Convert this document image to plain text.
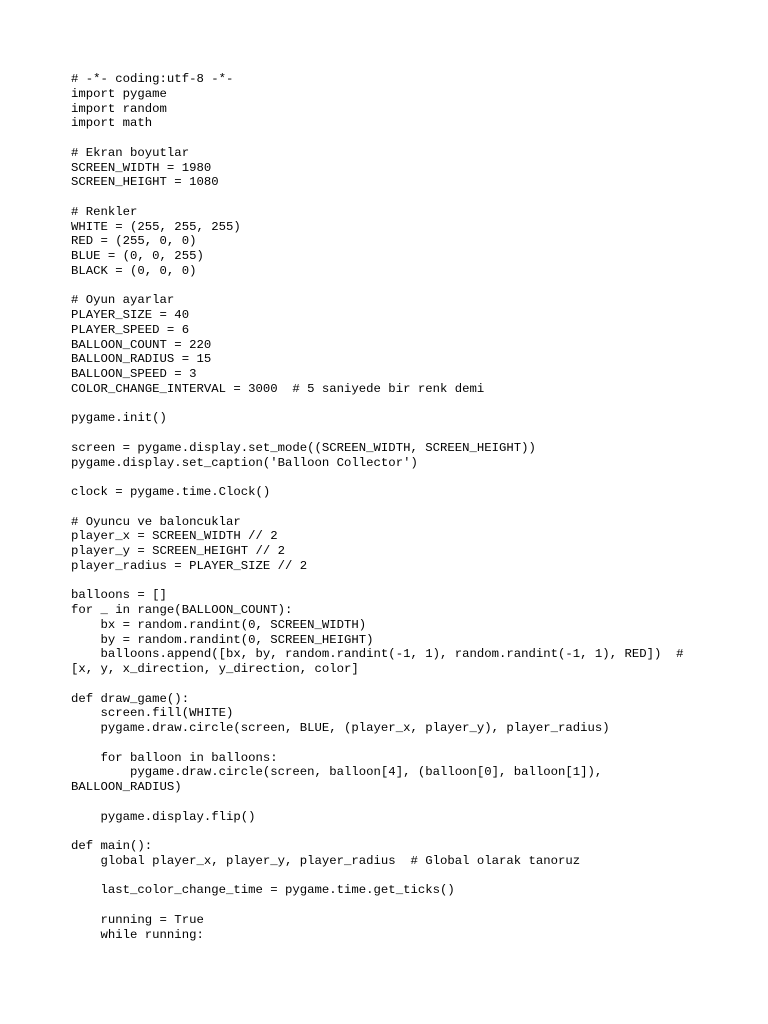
# -*- coding:utf-8 -*-
import pygame
import random
import math
# Ekran boyutlar
SCREEN_WIDTH = 1980
SCREEN_HEIGHT = 1080
# Renkler
WHITE = (255, 255, 255)
RED = (255, 0, 0)
BLUE = (0, 0, 255)
BLACK = (0, 0, 0)
# Oyun ayarlar
PLAYER_SIZE = 40
PLAYER_SPEED = 6
BALLOON_COUNT = 220
BALLOON_RADIUS = 15
BALLOON_SPEED = 3
COLOR_CHANGE_INTERVAL = 3000  # 5 saniyede bir renk demi
pygame.init()
screen = pygame.display.set_mode((SCREEN_WIDTH, SCREEN_HEIGHT))
pygame.display.set_caption('Balloon Collector')
clock = pygame.time.Clock()
# Oyuncu ve baloncuklar
player_x = SCREEN_WIDTH // 2
player_y = SCREEN_HEIGHT // 2
player_radius = PLAYER_SIZE // 2
balloons = []
for _ in range(BALLOON_COUNT):
bx = random.randint(0, SCREEN_WIDTH)
by = random.randint(0, SCREEN_HEIGHT)
balloons.append([bx, by, random.randint(-1, 1), random.randint(-1, 1), RED])  #
[x, y, x_direction, y_direction, color]
def draw_game():
screen.fill(WHITE)
pygame.draw.circle(screen, BLUE, (player_x, player_y), player_radius)
for balloon in balloons:
pygame.draw.circle(screen, balloon[4], (balloon[0], balloon[1]),
BALLOON_RADIUS)
pygame.display.flip()
def main():
global player_x, player_y, player_radius  # Global olarak tanoruz
last_color_change_time = pygame.time.get_ticks()
running = True
while running:
